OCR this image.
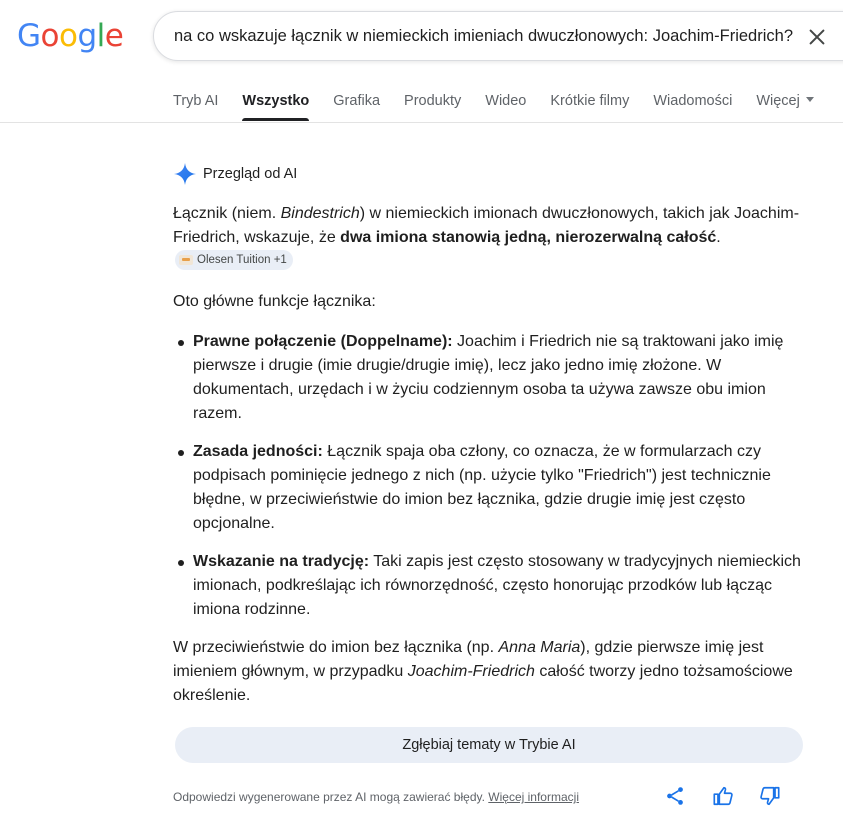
Google	na co wskazuje łącznik w niemieckich imieniach dwuczłonowych: Joachim-Friedrich?
Tryb AI Wszystko Grafika Produkty Wideo Krótkie filmy Wiadomości Więcej
Przegląd od AI

Łącznik (niem. Bindestrich) w niemieckich imionach dwuczłonowych, takich jak Joachim-Friedrich, wskazuje, że dwa imiona stanowią jedną, nierozerwalną całość.
Olesen Tuition +1

Oto główne funkcje łącznika:

Prawne połączenie (Doppelname): Joachim i Friedrich nie są traktowani jako imię pierwsze i drugie (imie drugie/drugie imię), lecz jako jedno imię złożone. W dokumentach, urzędach i w życiu codziennym osoba ta używa zawsze obu imion razem.
Zasada jedności: Łącznik spaja oba człony, co oznacza, że w formularzach czy podpisach pominięcie jednego z nich (np. użycie tylko "Friedrich") jest technicznie błędne, w przeciwieństwie do imion bez łącznika, gdzie drugie imię jest często opcjonalne.
Wskazanie na tradycję: Taki zapis jest często stosowany w tradycyjnych niemieckich imionach, podkreślając ich równorzędność, często honorując przodków lub łącząc imiona rodzinne.

W przeciwieństwie do imion bez łącznika (np. Anna Maria), gdzie pierwsze imię jest imieniem głównym, w przypadku Joachim-Friedrich całość tworzy jedno tożsamościowe określenie.

Zgłębiaj tematy w Trybie AI
Odpowiedzi wygenerowane przez AI mogą zawierać błędy. Więcej informacji
